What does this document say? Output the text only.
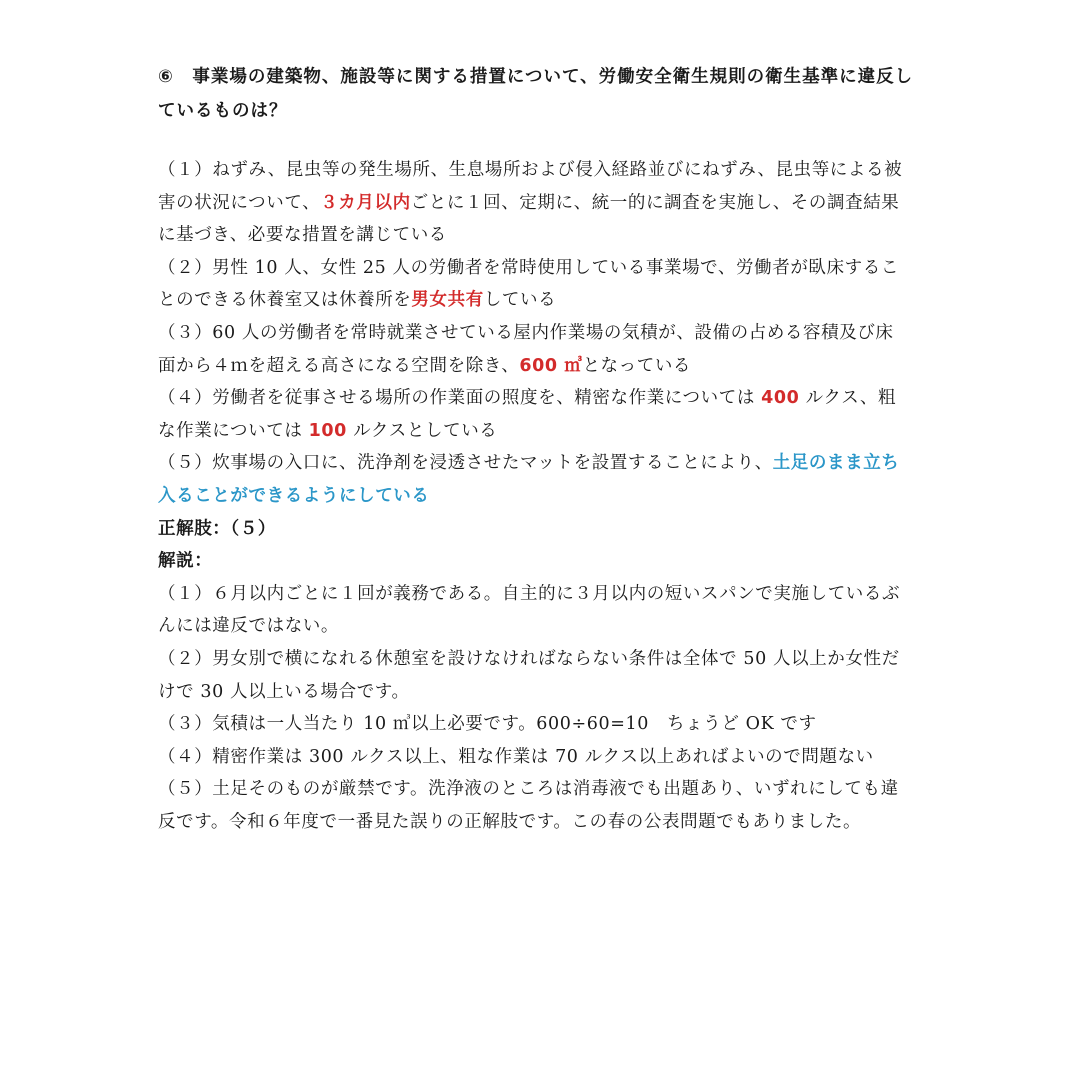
⑥　事業場の建築物、施設等に関する措置について、労働安全衛生規則の衛生基準に違反し
ているものは？
（１）ねずみ、昆虫等の発生場所、生息場所および侵入経路並びにねずみ、昆虫等による被
害の状況について、３カ月以内ごとに１回、定期に、統一的に調査を実施し、その調査結果
に基づき、必要な措置を講じている
（２）男性 10 人、女性 25 人の労働者を常時使用している事業場で、労働者が臥床するこ
とのできる休養室又は休養所を男女共有している
（３）60 人の労働者を常時就業させている屋内作業場の気積が、設備の占める容積及び床
面から４ｍを超える高さになる空間を除き、600 ㎥となっている
（４）労働者を従事させる場所の作業面の照度を、精密な作業については 400 ルクス、粗
な作業については 100 ルクスとしている
（５）炊事場の入口に、洗浄剤を浸透させたマットを設置することにより、土足のまま立ち
入ることができるようにしている
正解肢：（５）
解説：
（１）６月以内ごとに１回が義務である。自主的に３月以内の短いスパンで実施しているぶ
んには違反ではない。
（２）男女別で横になれる休憩室を設けなければならない条件は全体で 50 人以上か女性だ
けで 30 人以上いる場合です。
（３）気積は一人当たり 10 ㎥以上必要です。600÷60=10　ちょうど OK です
（４）精密作業は 300 ルクス以上、粗な作業は 70 ルクス以上あればよいので問題ない
（５）土足そのものが厳禁です。洗浄液のところは消毒液でも出題あり、いずれにしても違
反です。令和６年度で一番見た誤りの正解肢です。この春の公表問題でもありました。
